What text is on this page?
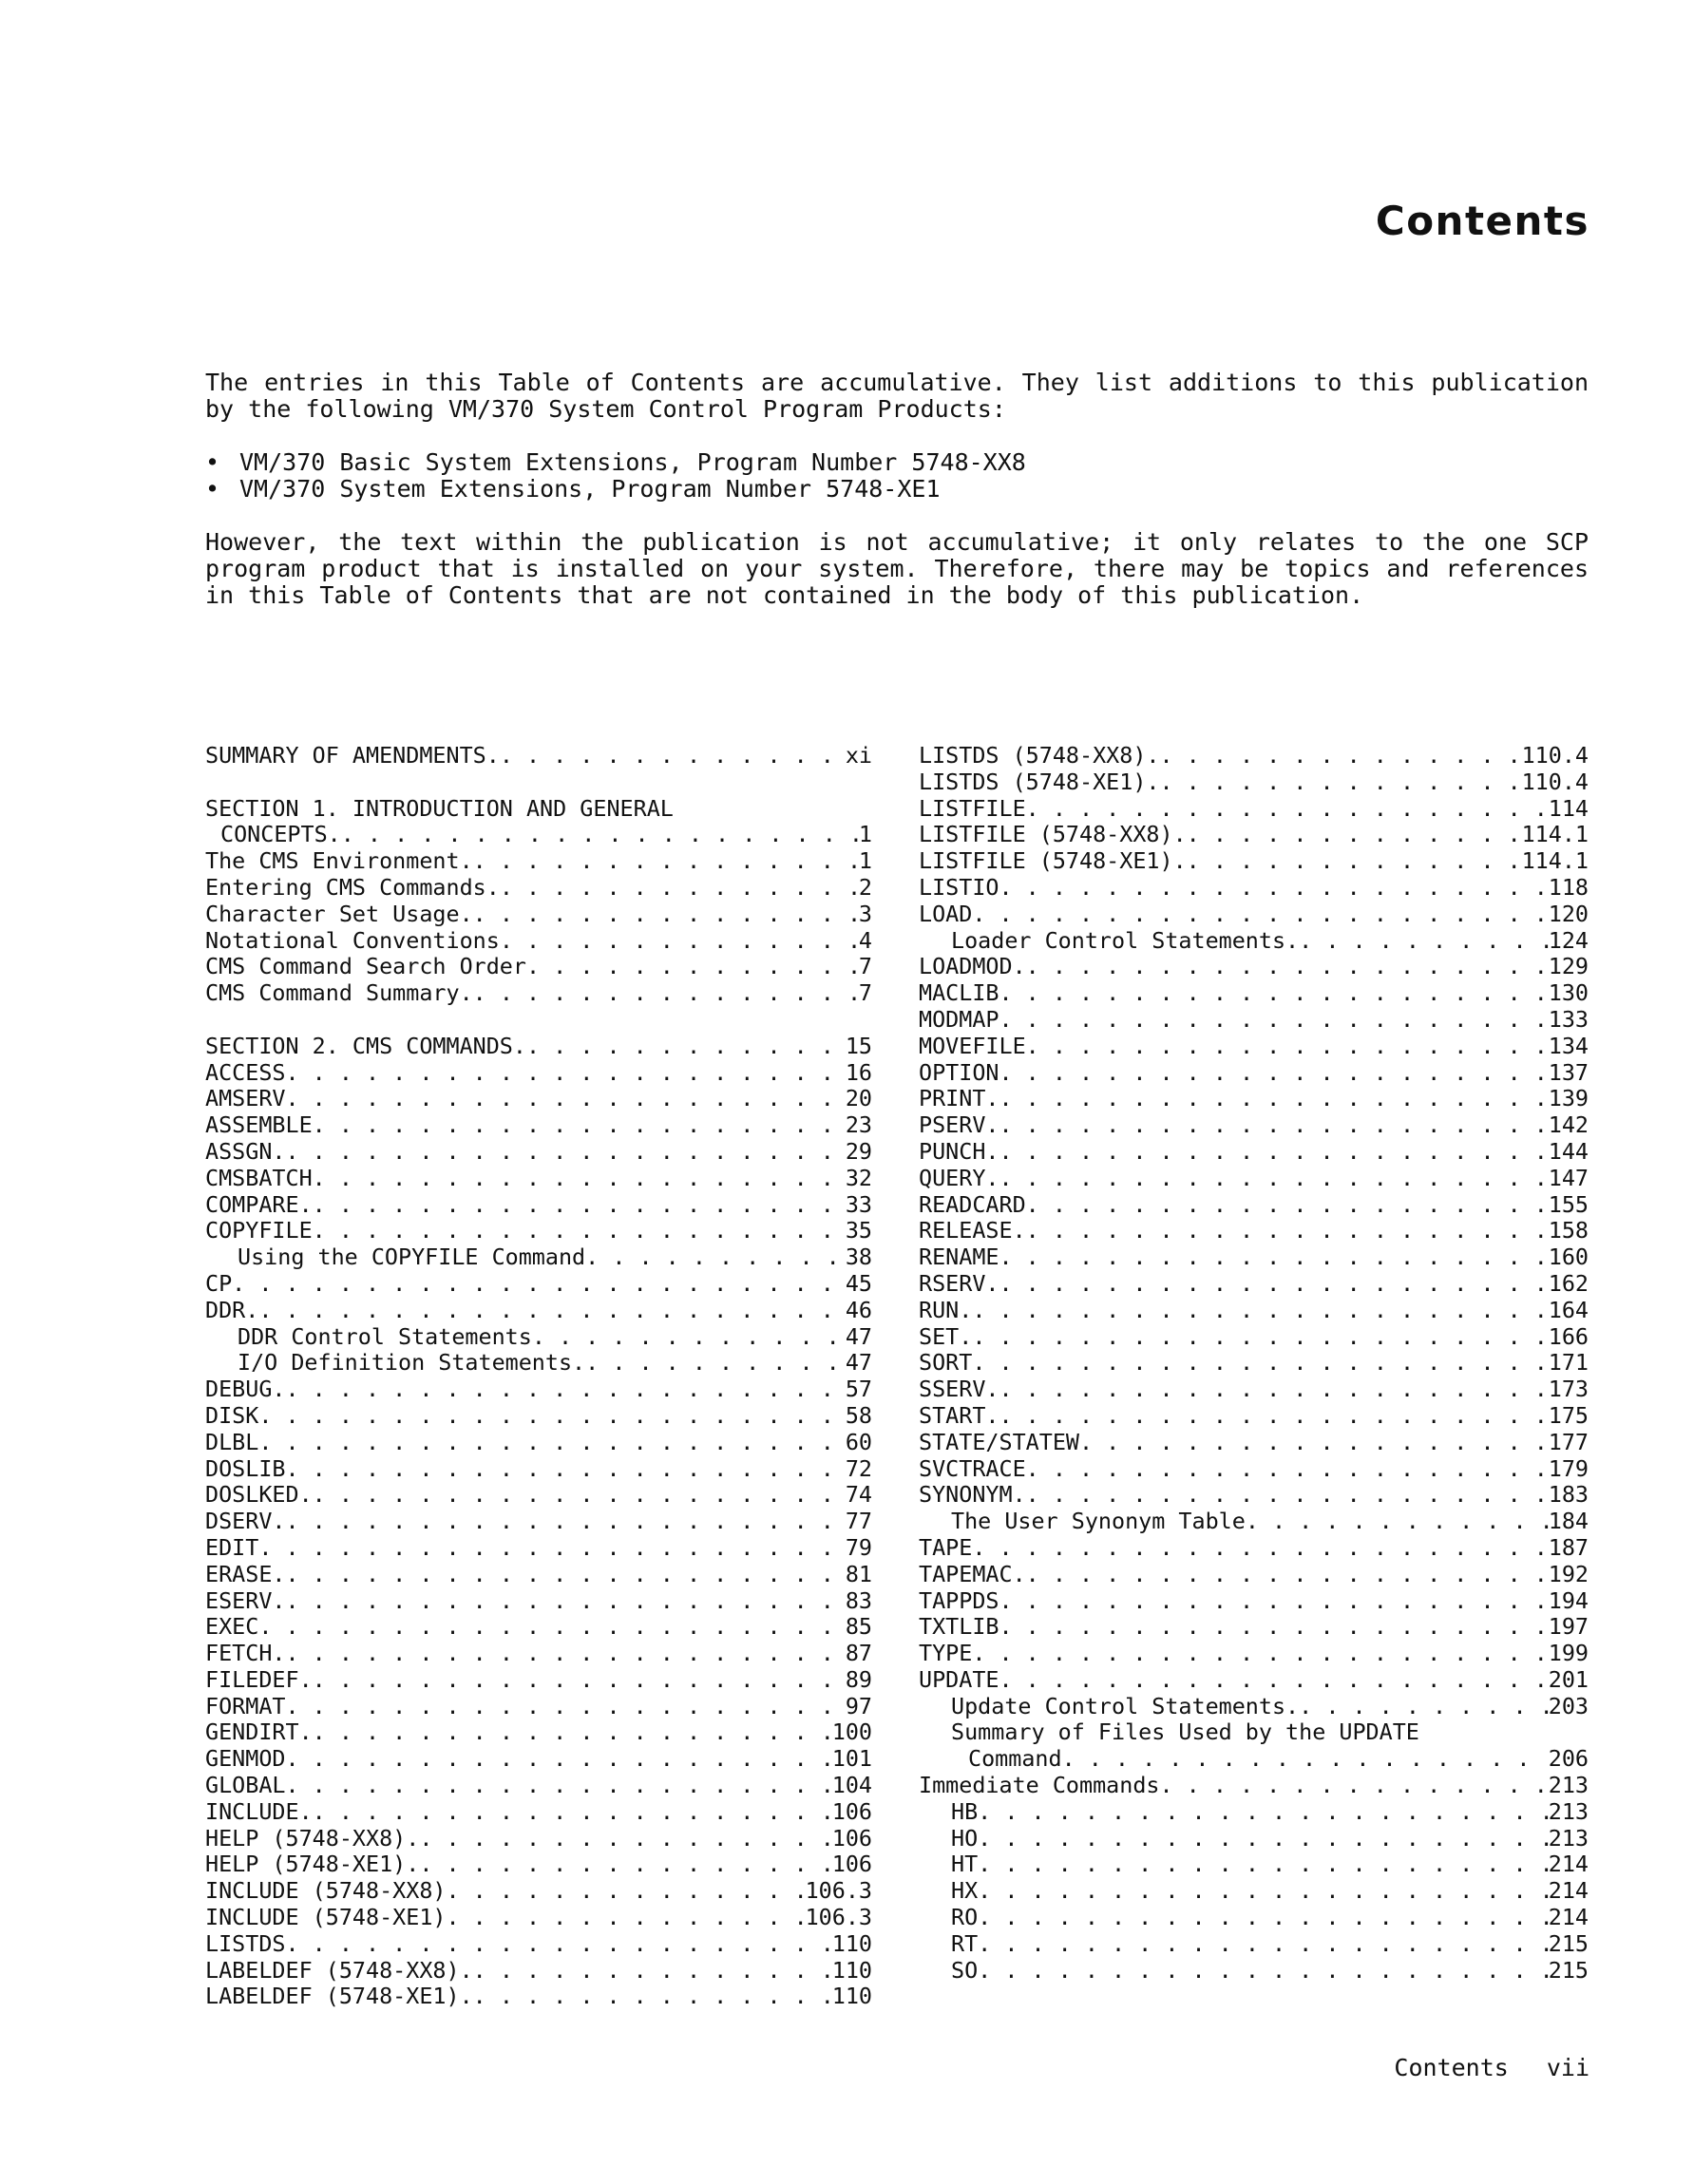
Contents
The entries in this Table of Contents are accumulative. They list additions to this publication by the following VM/370 System Control Program Products:
• VM/370 Basic System Extensions, Program Number 5748-XX8
• VM/370 System Extensions, Program Number 5748-XE1
However, the text within the publication is not accumulative; it only relates to the one SCP program product that is installed on your system. Therefore, there may be topics and references in this Table of Contents that are not contained in the body of this publication.
SUMMARY OF AMENDMENTS. . . .	xi
SECTION 1. INTRODUCTION AND GENERAL
CONCEPTS. . . .	1
The CMS Environment. . . .	1
Entering CMS Commands. . . .	2
Character Set Usage. . . .	3
Notational Conventions . . .	4
CMS Command Search Order . . .	7
CMS Command Summary. . . .	7
SECTION 2. CMS COMMANDS. . . .	15
ACCESS . . .	16
AMSERV . . .	20
ASSEMBLE . . .	23
ASSGN. . . .	29
CMSBATCH . . .	32
COMPARE. . . .	33
COPYFILE . . .	35
Using the COPYFILE Command . . .	38
CP . . .	45
DDR. . . .	46
DDR Control Statements . . .	47
I/O Definition Statements. . . .	47
DEBUG. . . .	57
DISK . . .	58
DLBL . . .	60
DOSLIB . . .	72
DOSLKED. . . .	74
DSERV. . . .	77
EDIT . . .	79
ERASE. . . .	81
ESERV. . . .	83
EXEC . . .	85
FETCH. . . .	87
FILEDEF. . . .	89
FORMAT . . .	97
GENDIRT. . . .	100
GENMOD . . .	101
GLOBAL . . .	104
INCLUDE. . . .	106
HELP (5748-XX8). . . .	106
HELP (5748-XE1). . . .	106
INCLUDE (5748-XX8) . . .	106.3
INCLUDE (5748-XE1) . . .	106.3
LISTDS . . .	110
LABELDEF (5748-XX8). . . .	110
LABELDEF (5748-XE1). . . .	110
LISTDS (5748-XX8). . . .	110.4
LISTDS (5748-XE1). . . .	110.4
LISTFILE . . .	114
LISTFILE (5748-XX8). . . .	114.1
LISTFILE (5748-XE1). . . .	114.1
LISTIO . . .	118
LOAD . . .	120
Loader Control Statements. . . .	124
LOADMOD. . . .	129
MACLIB . . .	130
MODMAP . . .	133
MOVEFILE . . .	134
OPTION . . .	137
PRINT. . . .	139
PSERV. . . .	142
PUNCH. . . .	144
QUERY. . . .	147
READCARD . . .	155
RELEASE. . . .	158
RENAME . . .	160
RSERV. . . .	162
RUN. . . .	164
SET. . . .	166
SORT . . .	171
SSERV. . . .	173
START. . . .	175
STATE/STATEW . . .	177
SVCTRACE . . .	179
SYNONYM. . . .	183
The User Synonym Table . . .	184
TAPE . . .	187
TAPEMAC. . . .	192
TAPPDS . . .	194
TXTLIB . . .	197
TYPE . . .	199
UPDATE . . .	201
Update Control Statements. . . .	203
Summary of Files Used by the UPDATE
Command . . .	206
Immediate Commands . . .	213
HB . . .	213
HO . . .	213
HT . . .	214
HX . . .	214
RO . . .	214
RT . . .	215
SO . . .	215
Contents vii
